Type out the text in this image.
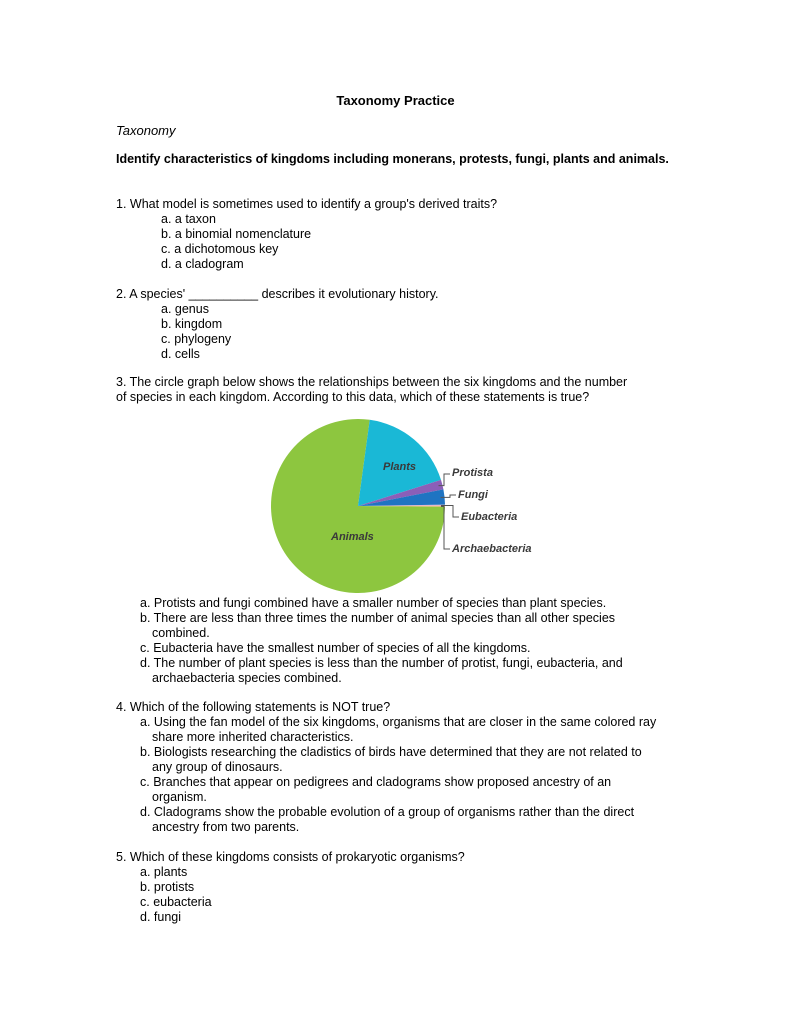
Taxonomy Practice
Taxonomy
Identify characteristics of kingdoms including monerans, protests, fungi, plants and animals.
1. What model is sometimes used to identify a group's derived traits?
a. a taxon
b. a binomial nomenclature
c. a dichotomous key
d. a cladogram
2. A species' __________ describes it evolutionary history.
a. genus
b. kingdom
c. phylogeny
d. cells
3. The circle graph below shows the relationships between the six kingdoms and the number of species in each kingdom. According to this data, which of these statements is true?
Plants
Animals
Protista
Fungi
Eubacteria
Archaebacteria
a. Protists and fungi combined have a smaller number of species than plant species.
b. There are less than three times the number of animal species than all other species combined.
c. Eubacteria have the smallest number of species of all the kingdoms.
d. The number of plant species is less than the number of protist, fungi, eubacteria, and archaebacteria species combined.
4. Which of the following statements is NOT true?
a. Using the fan model of the six kingdoms, organisms that are closer in the same colored ray share more inherited characteristics.
b. Biologists researching the cladistics of birds have determined that they are not related to any group of dinosaurs.
c. Branches that appear on pedigrees and cladograms show proposed ancestry of an organism.
d. Cladograms show the probable evolution of a group of organisms rather than the direct ancestry from two parents.
5. Which of these kingdoms consists of prokaryotic organisms?
a. plants
b. protists
c. eubacteria
d. fungi
